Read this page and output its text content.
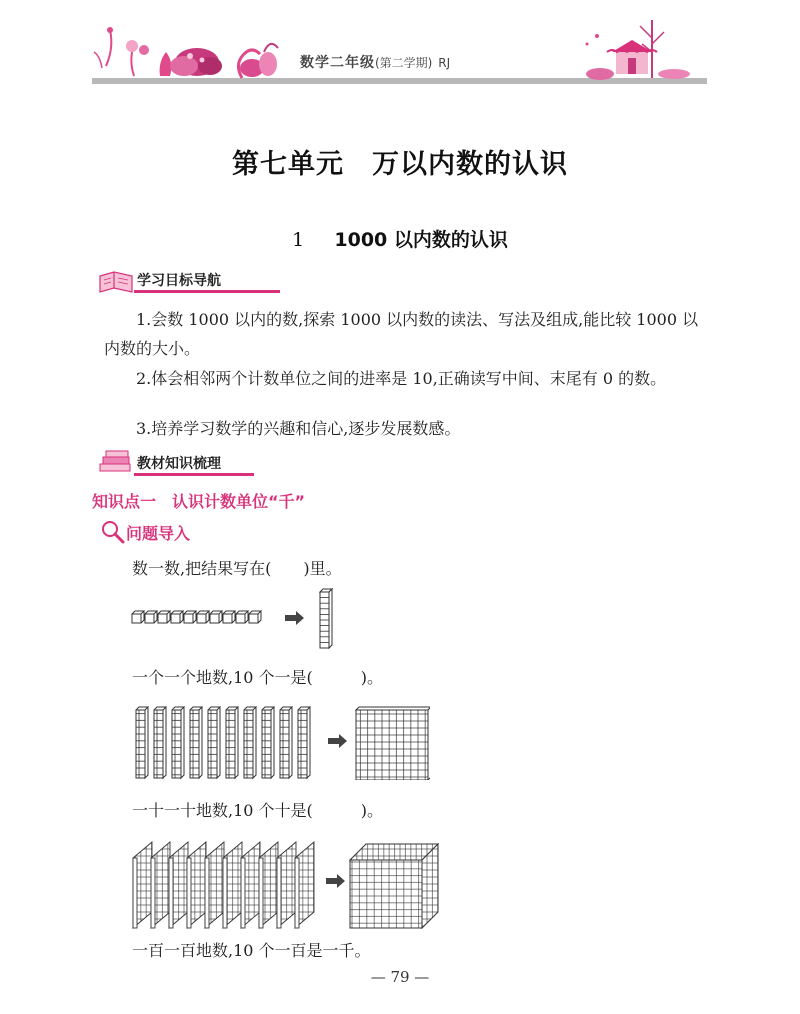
数学二年级(第二学期) RJ
第七单元　万以内数的认识
1 1000 以内数的认识
学习目标导航
1.会数 1000 以内的数,探索 1000 以内数的读法、写法及组成,能比较 1000 以内数的大小。
2.体会相邻两个计数单位之间的进率是 10,正确读写中间、末尾有 0 的数。
3.培养学习数学的兴趣和信心,逐步发展数感。
教材知识梳理
知识点一　认识计数单位“千”
问题导入
数一数,把结果写在(　　)里。
一个一个地数,10 个一是(　　　)。
一十一十地数,10 个十是(　　　)。
一百一百地数,10 个一百是一千。
— 79 —
